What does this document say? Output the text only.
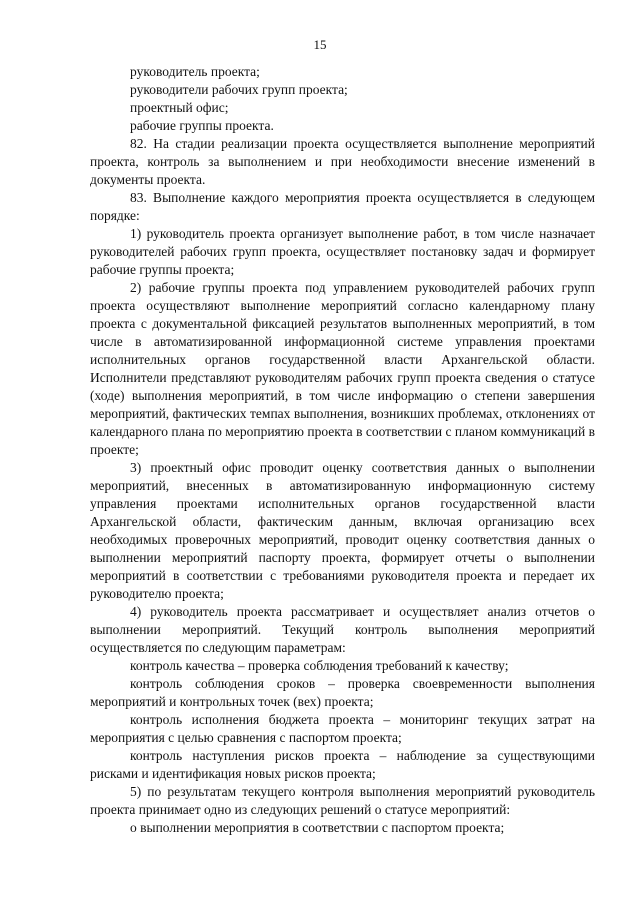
15

руководитель проекта;

руководители рабочих групп проекта;

проектный офис;

рабочие группы проекта.

82. На стадии реализации проекта осуществляется выполнение мероприятий проекта, контроль за выполнением и при необходимости внесение изменений в документы проекта.

83. Выполнение каждого мероприятия проекта осуществляется в следующем порядке:

1) руководитель проекта организует выполнение работ, в том числе назначает руководителей рабочих групп проекта, осуществляет постановку задач и формирует рабочие группы проекта;

2) рабочие группы проекта под управлением руководителей рабочих групп проекта осуществляют выполнение мероприятий согласно календарному плану проекта с документальной фиксацией результатов выполненных мероприятий, в том числе в автоматизированной информационной системе управления проектами исполнительных органов государственной власти Архангельской области. Исполнители представляют руководителям рабочих групп проекта сведения о статусе (ходе) выполнения мероприятий, в том числе информацию о степени завершения мероприятий, фактических темпах выполнения, возникших проблемах, отклонениях от календарного плана по мероприятию проекта в соответствии с планом коммуникаций в проекте;

3) проектный офис проводит оценку соответствия данных о выполнении мероприятий, внесенных в автоматизированную информационную систему управления проектами исполнительных органов государственной власти Архангельской области, фактическим данным, включая организацию всех необходимых проверочных мероприятий, проводит оценку соответствия данных о выполнении мероприятий паспорту проекта, формирует отчеты о выполнении мероприятий в соответствии с требованиями руководителя проекта и передает их руководителю проекта;

4) руководитель проекта рассматривает и осуществляет анализ отчетов о выполнении мероприятий. Текущий контроль выполнения мероприятий осуществляется по следующим параметрам:

контроль качества – проверка соблюдения требований к качеству;

контроль соблюдения сроков – проверка своевременности выполнения мероприятий и контрольных точек (вех) проекта;

контроль исполнения бюджета проекта – мониторинг текущих затрат на мероприятия с целью сравнения с паспортом проекта;

контроль наступления рисков проекта – наблюдение за существующими рисками и идентификация новых рисков проекта;

5) по результатам текущего контроля выполнения мероприятий руководитель проекта принимает одно из следующих решений о статусе мероприятий:

о выполнении мероприятия в соответствии с паспортом проекта;
